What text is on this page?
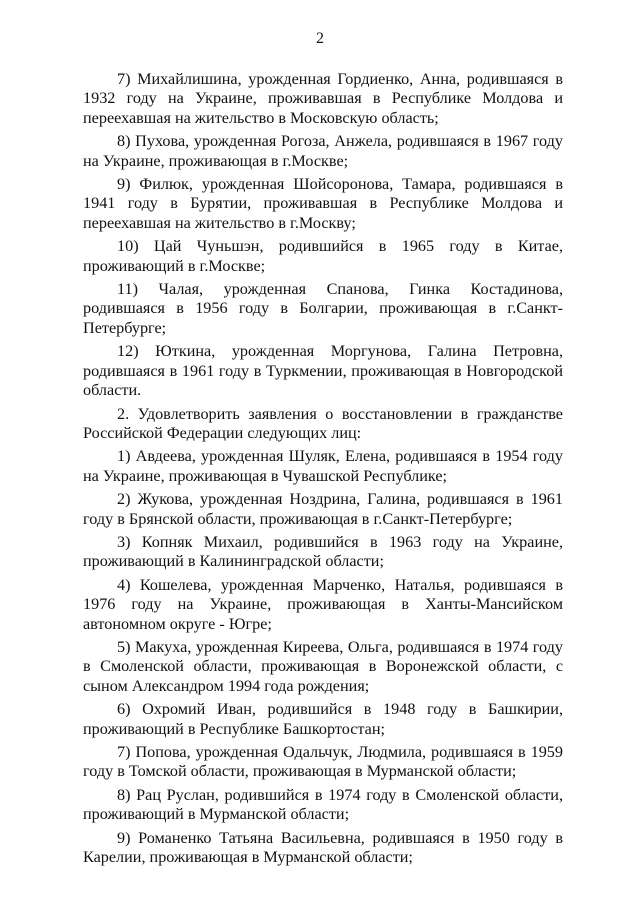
2

7) Михайлишина, урожденная Гордиенко, Анна, родившаяся в 1932 году на Украине, проживавшая в Республике Молдова и переехавшая на жительство в Московскую область;

8) Пухова, урожденная Рогоза, Анжела, родившаяся в 1967 году на Украине, проживающая в г.Москве;

9) Филюк, урожденная Шойсоронова, Тамара, родившаяся в 1941 году в Бурятии, проживавшая в Республике Молдова и переехавшая на жительство в г.Москву;

10) Цай Чуньшэн, родившийся в 1965 году в Китае, проживающий в г.Москве;

11) Чалая, урожденная Спанова, Гинка Костадинова, родившаяся в 1956 году в Болгарии, проживающая в г.Санкт-Петербурге;

12) Юткина, урожденная Моргунова, Галина Петровна, родившаяся в 1961 году в Туркмении, проживающая в Новгородской области.

2. Удовлетворить заявления о восстановлении в гражданстве Российской Федерации следующих лиц:

1) Авдеева, урожденная Шуляк, Елена, родившаяся в 1954 году на Украине, проживающая в Чувашской Республике;

2) Жукова, урожденная Ноздрина, Галина, родившаяся в 1961 году в Брянской области, проживающая в г.Санкт-Петербурге;

3) Копняк Михаил, родившийся в 1963 году на Украине, проживающий в Калининградской области;

4) Кошелева, урожденная Марченко, Наталья, родившаяся в 1976 году на Украине, проживающая в Ханты-Мансийском автономном округе - Югре;

5) Макуха, урожденная Киреева, Ольга, родившаяся в 1974 году в Смоленской области, проживающая в Воронежской области, с сыном Александром 1994 года рождения;

6) Охромий Иван, родившийся в 1948 году в Башкирии, проживающий в Республике Башкортостан;

7) Попова, урожденная Одальчук, Людмила, родившаяся в 1959 году в Томской области, проживающая в Мурманской области;

8) Рац Руслан, родившийся в 1974 году в Смоленской области, проживающий в Мурманской области;

9) Романенко Татьяна Васильевна, родившаяся в 1950 году в Карелии, проживающая в Мурманской области;
